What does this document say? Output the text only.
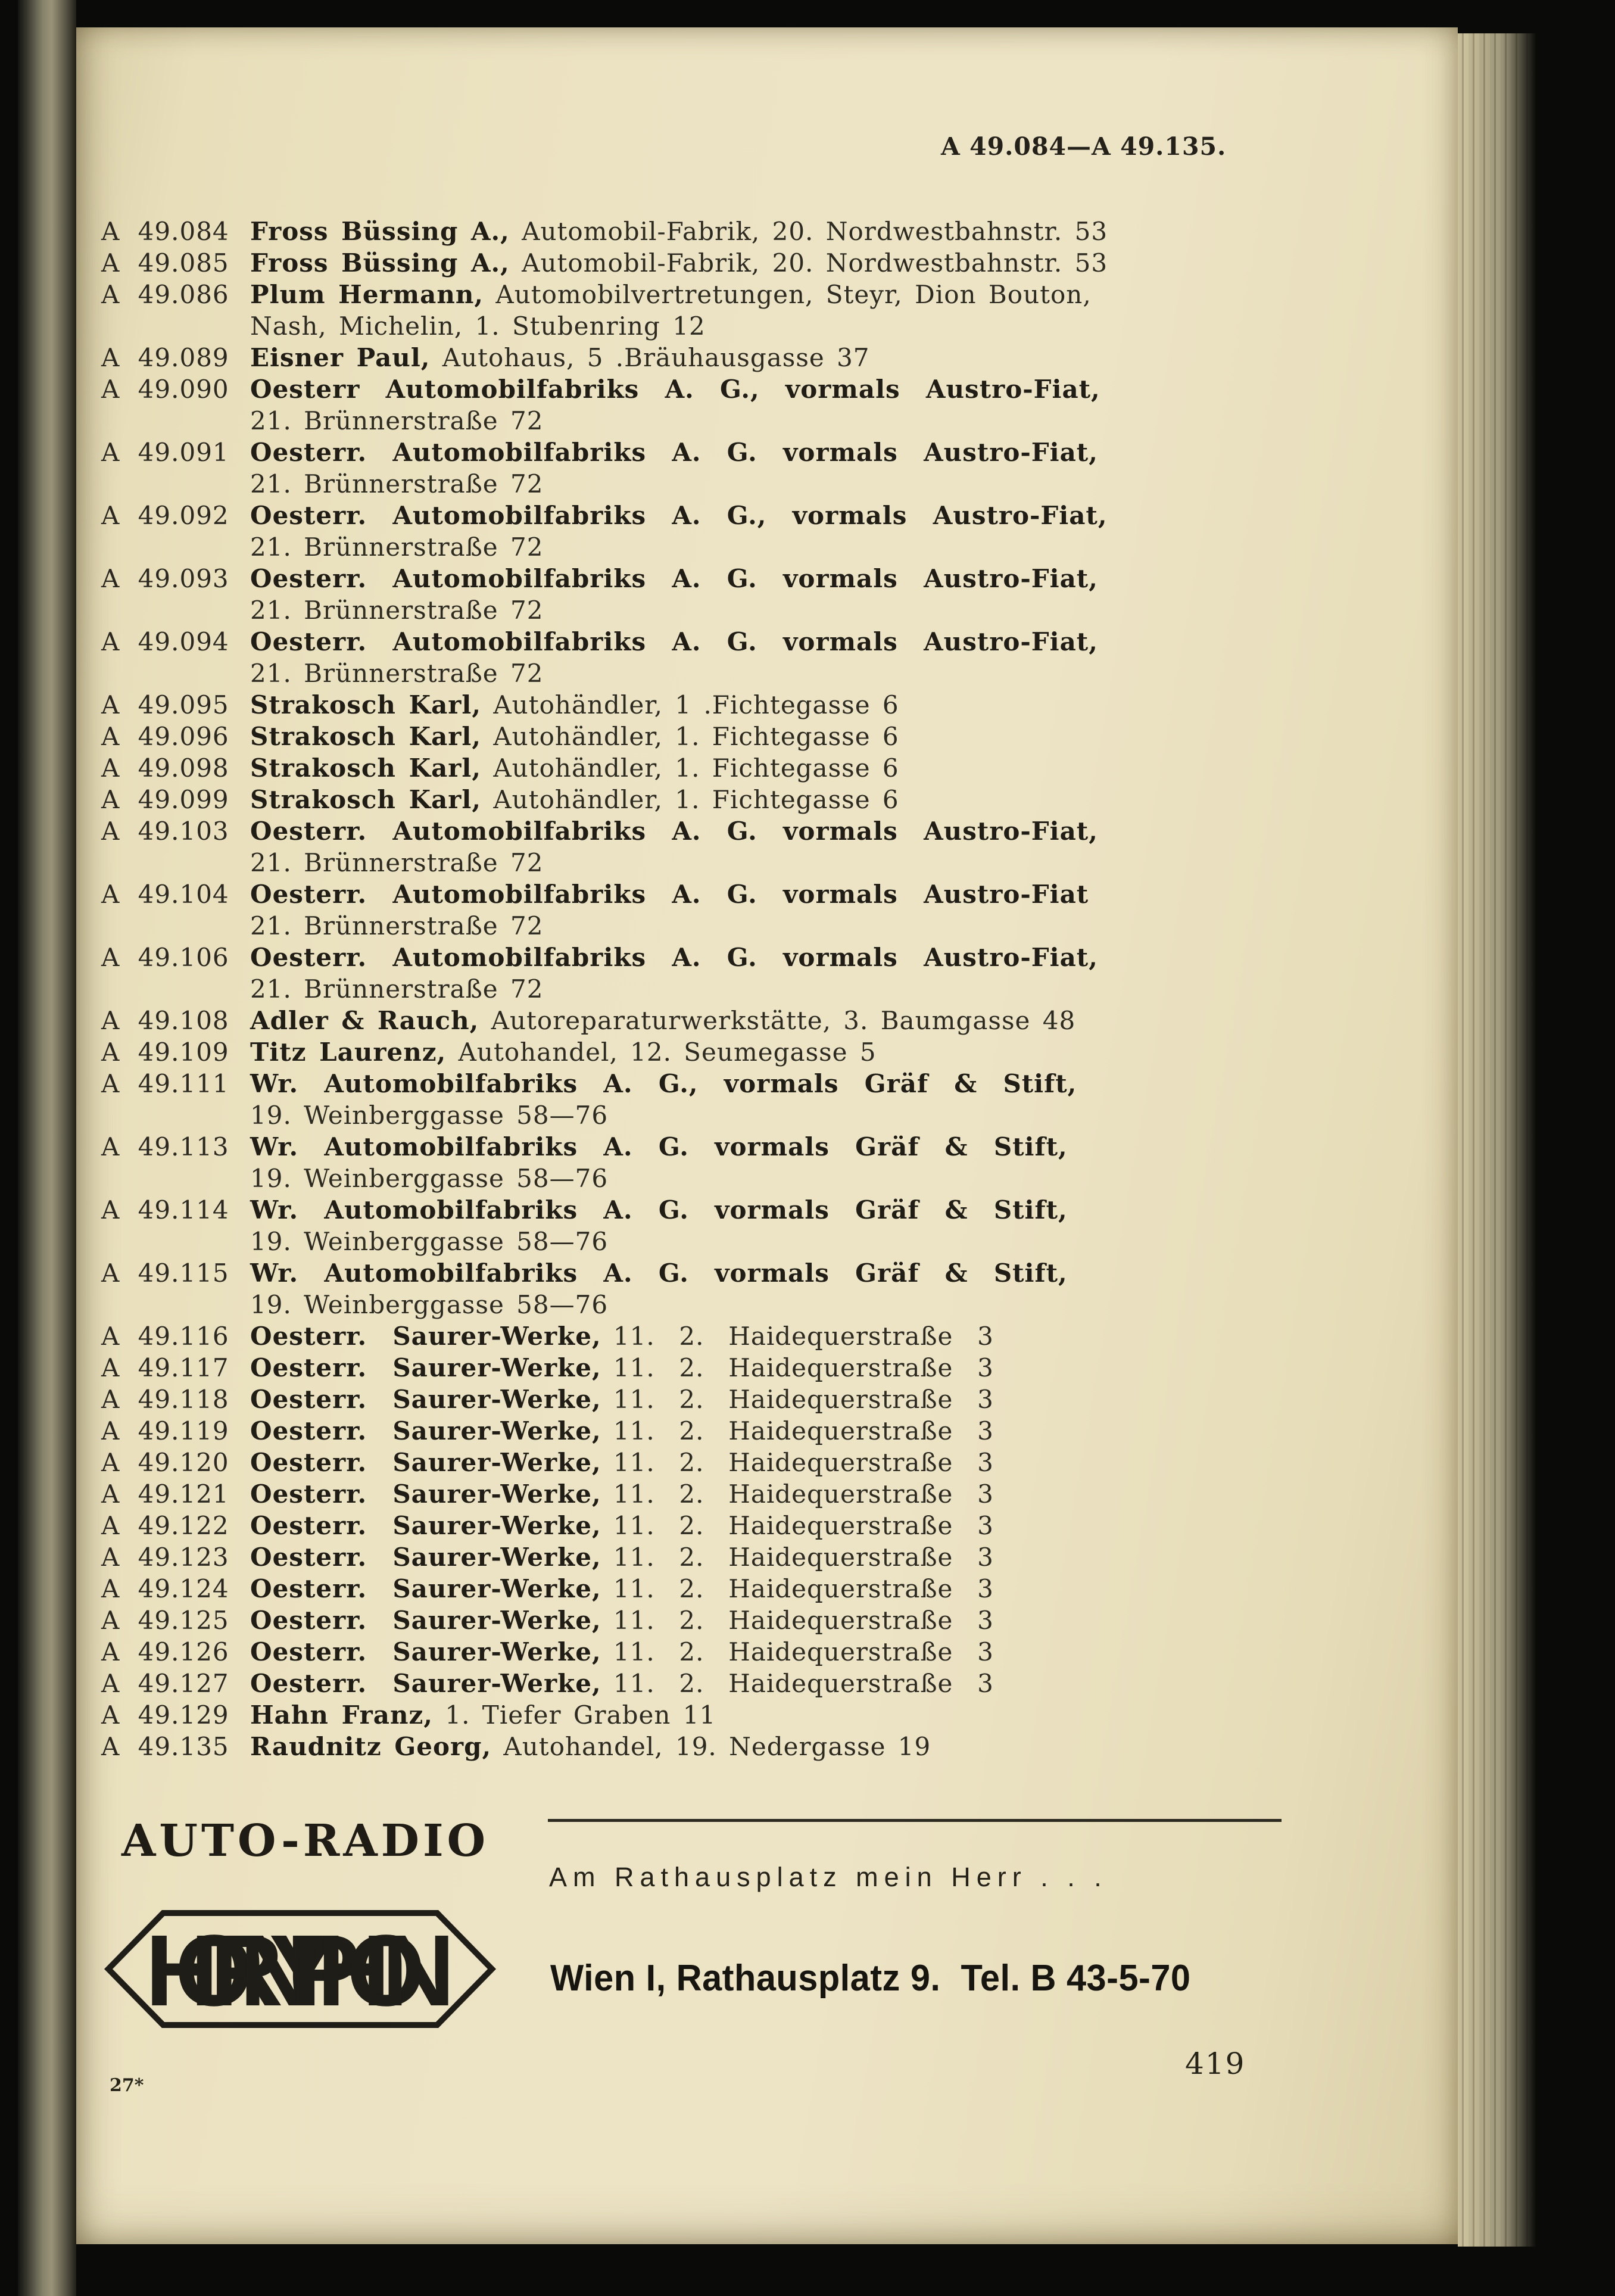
A 49.084—A 49.135.
A 49.084 Fross Büssing A., Automobil-Fabrik, 20. Nordwestbahnstr. 53
A 49.085 Fross Büssing A., Automobil-Fabrik, 20. Nordwestbahnstr. 53
A 49.086 Plum Hermann, Automobilvertretungen, Steyr, Dion Bouton,
Nash, Michelin, 1. Stubenring 12
A 49.089 Eisner Paul, Autohaus, 5 .Bräuhausgasse 37
A 49.090 Oesterr  Automobilfabriks  A.  G.,  vormals  Austro-Fiat,
21. Brünnerstraße 72
A 49.091 Oesterr.  Automobilfabriks  A.  G.  vormals  Austro-Fiat,
21. Brünnerstraße 72
A 49.092 Oesterr.  Automobilfabriks  A.  G.,  vormals  Austro-Fiat,
21. Brünnerstraße 72
A 49.093 Oesterr.  Automobilfabriks  A.  G.  vormals  Austro-Fiat,
21. Brünnerstraße 72
A 49.094 Oesterr.  Automobilfabriks  A.  G.  vormals  Austro-Fiat,
21. Brünnerstraße 72
A 49.095 Strakosch Karl, Autohändler, 1 .Fichtegasse 6
A 49.096 Strakosch Karl, Autohändler, 1. Fichtegasse 6
A 49.098 Strakosch Karl, Autohändler, 1. Fichtegasse 6
A 49.099 Strakosch Karl, Autohändler, 1. Fichtegasse 6
A 49.103 Oesterr.  Automobilfabriks  A.  G.  vormals  Austro-Fiat,
21. Brünnerstraße 72
A 49.104 Oesterr.  Automobilfabriks  A.  G.  vormals  Austro-Fiat
21. Brünnerstraße 72
A 49.106 Oesterr.  Automobilfabriks  A.  G.  vormals  Austro-Fiat,
21. Brünnerstraße 72
A 49.108 Adler & Rauch, Autoreparaturwerkstätte, 3. Baumgasse 48
A 49.109 Titz Laurenz, Autohandel, 12. Seumegasse 5
A 49.111 Wr.  Automobilfabriks  A.  G.,  vormals  Gräf  &  Stift,
19. Weinberggasse 58—76
A 49.113 Wr.  Automobilfabriks  A.  G.  vormals  Gräf  &  Stift,
19. Weinberggasse 58—76
A 49.114 Wr.  Automobilfabriks  A.  G.  vormals  Gräf  &  Stift,
19. Weinberggasse 58—76
A 49.115 Wr.  Automobilfabriks  A.  G.  vormals  Gräf  &  Stift,
19. Weinberggasse 58—76
A 49.116 Oesterr.  Saurer-Werke, 11.  2.  Haidequerstraße  3
A 49.117 Oesterr.  Saurer-Werke, 11.  2.  Haidequerstraße  3
A 49.118 Oesterr.  Saurer-Werke, 11.  2.  Haidequerstraße  3
A 49.119 Oesterr.  Saurer-Werke, 11.  2.  Haidequerstraße  3
A 49.120 Oesterr.  Saurer-Werke, 11.  2.  Haidequerstraße  3
A 49.121 Oesterr.  Saurer-Werke, 11.  2.  Haidequerstraße  3
A 49.122 Oesterr.  Saurer-Werke, 11.  2.  Haidequerstraße  3
A 49.123 Oesterr.  Saurer-Werke, 11.  2.  Haidequerstraße  3
A 49.124 Oesterr.  Saurer-Werke, 11.  2.  Haidequerstraße  3
A 49.125 Oesterr.  Saurer-Werke, 11.  2.  Haidequerstraße  3
A 49.126 Oesterr.  Saurer-Werke, 11.  2.  Haidequerstraße  3
A 49.127 Oesterr.  Saurer-Werke, 11.  2.  Haidequerstraße  3
A 49.129 Hahn Franz, 1. Tiefer Graben 11
A 49.135 Raudnitz Georg, Autohandel, 19. Nedergasse 19
AUTO-RADIO
HORNYPHON
Am Rathausplatz mein Herr . . .
Wien I, Rathausplatz 9.  Tel. B 43-5-70
419
27*
